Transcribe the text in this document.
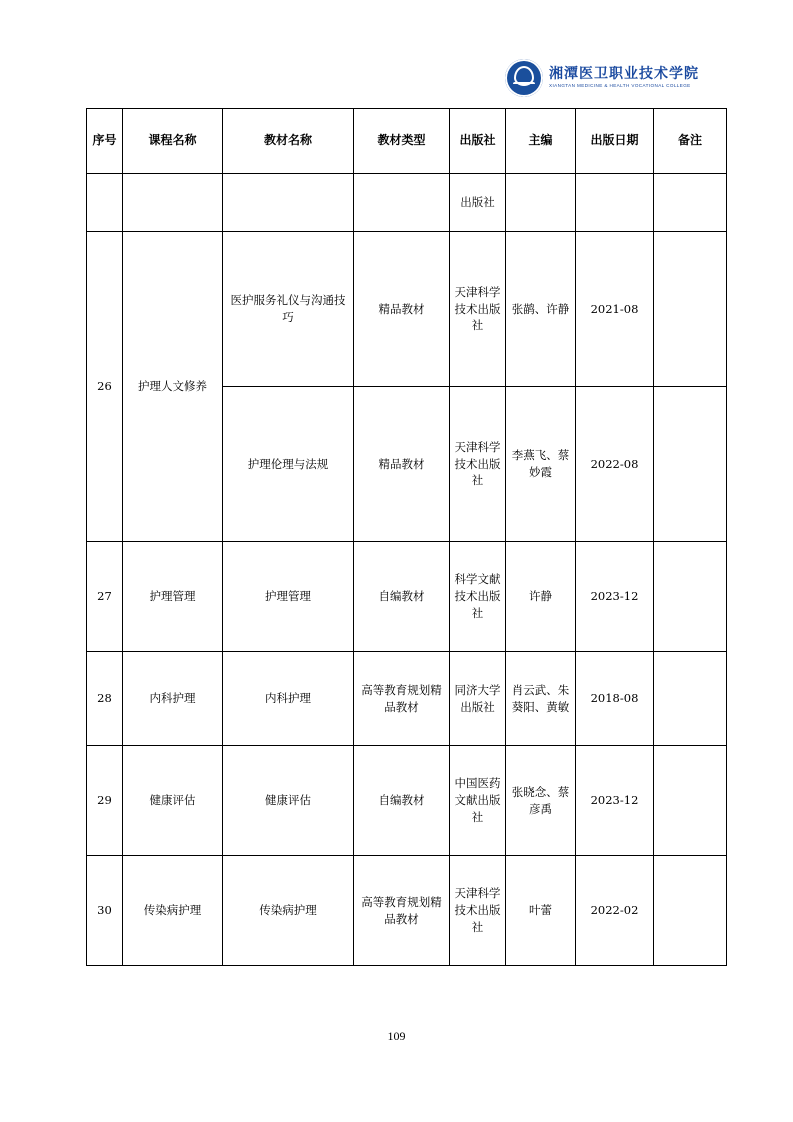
湘潭医卫职业技术学院
XIANGTAN MEDICINE & HEALTH VOCATIONAL COLLEGE
序号	课程名称	教材名称	教材类型	出版社	主编	出版日期	备注
				出版社			
26	护理人文修养	医护服务礼仪与沟通技巧	精品教材	天津科学技术出版社	张鹋、许静	2021-08	
		护理伦理与法规	精品教材	天津科学技术出版社	李燕飞、蔡妙霞	2022-08	
27	护理管理	护理管理	自编教材	科学文献技术出版社	许静	2023-12	
28	内科护理	内科护理	高等教育规划精品教材	同济大学出版社	肖云武、朱葵阳、黄敏	2018-08	
29	健康评估	健康评估	自编教材	中国医药文献出版社	张晓念、蔡彦禹	2023-12	
30	传染病护理	传染病护理	高等教育规划精品教材	天津科学技术出版社	叶蕾	2022-02	
109
